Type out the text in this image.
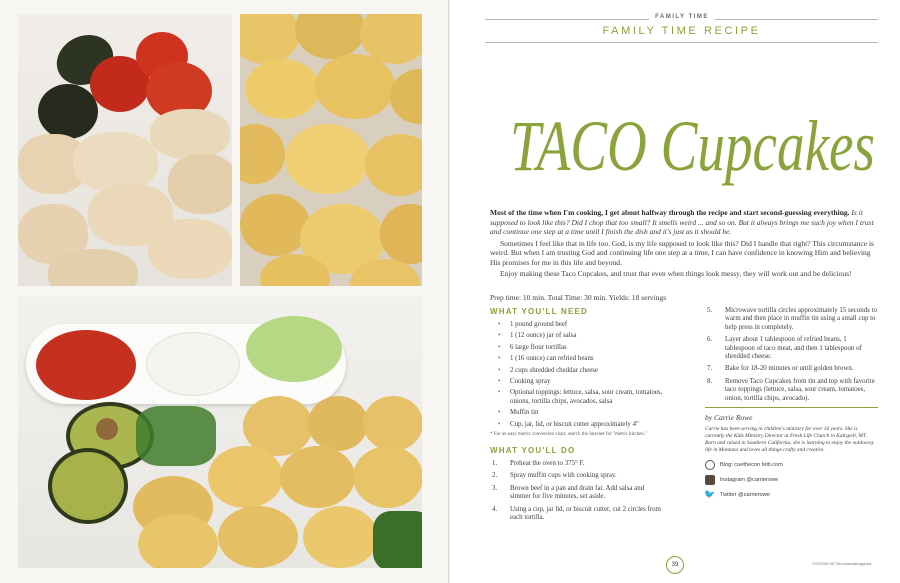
FAMILY TIME
FAMILY TIME RECIPE
TACO Cupcakes

Most of the time when I'm cooking, I get about halfway through the recipe and start second-guessing everything. Is it supposed to look like this? Did I chop that too small? It smells weird ... and so on. But it always brings me such joy when I trust and continue one step at a time until I finish the dish and it's just as it should be.

Sometimes I feel like that in life too. God, is my life supposed to look like this? Did I handle that right? This circumstance is weird. But when I am trusting God and continuing life one step at a time, I can have confidence in knowing Him and believing His promises for me in this life and beyond.

Enjoy making these Taco Cupcakes, and trust that even when things look messy, they will work out and be delicious!

Prep time: 10 min. Total Time: 30 min. Yields: 18 servings
WHAT YOU'LL NEED
• 1 pound ground beef
• 1 (12 ounce) jar of salsa
• 6 large flour tortillas
• 1 (16 ounce) can refried beans
• 2 cups shredded cheddar cheese
• Cooking spray
• Optional toppings: lettuce, salsa, sour cream, tomatoes, onions, tortilla chips, avocados, salsa
• Muffin tin
• Cup, jar, lid, or biscuit cutter approximately 4"
* For an easy metric conversion chart, search the Internet for "metric kitchen."
WHAT YOU'LL DO
1. Preheat the oven to 375° F.
2. Spray muffin cups with cooking spray.
3. Brown beef in a pan and drain fat. Add salsa and simmer for five minutes, set aside.
4. Using a cup, jar lid, or biscuit cutter, cut 2 circles from each tortilla.
5. Microwave tortilla circles approximately 15 seconds to warm and then place in muffin tin using a small cup to help press in completely.
6. Layer about 1 tablespoon of refried beans, 1 tablespoon of taco meat, and then 1 tablespoon of shredded cheese.
7. Bake for 18-20 minutes or until golden brown.
8. Remove Taco Cupcakes from tin and top with favorite taco toppings (lettuce, salsa, sour cream, tomatoes, onion, tortilla chips, avocado).
by Carrie Rowe
Carrie has been serving in children's ministry for over 16 years. She is currently the Kids Ministry Director at Fresh Life Church in Kalispell, MT. Born and raised in Southern California, she is learning to enjoy the outdoorsy life in Montana and loves all things crafty and creative.
Blog: cuethecon fetti.com
Instagram @carrierowe
🐦 Twitter @carrierowe
39	©CROWN NS Thecrosswalkmagazine
